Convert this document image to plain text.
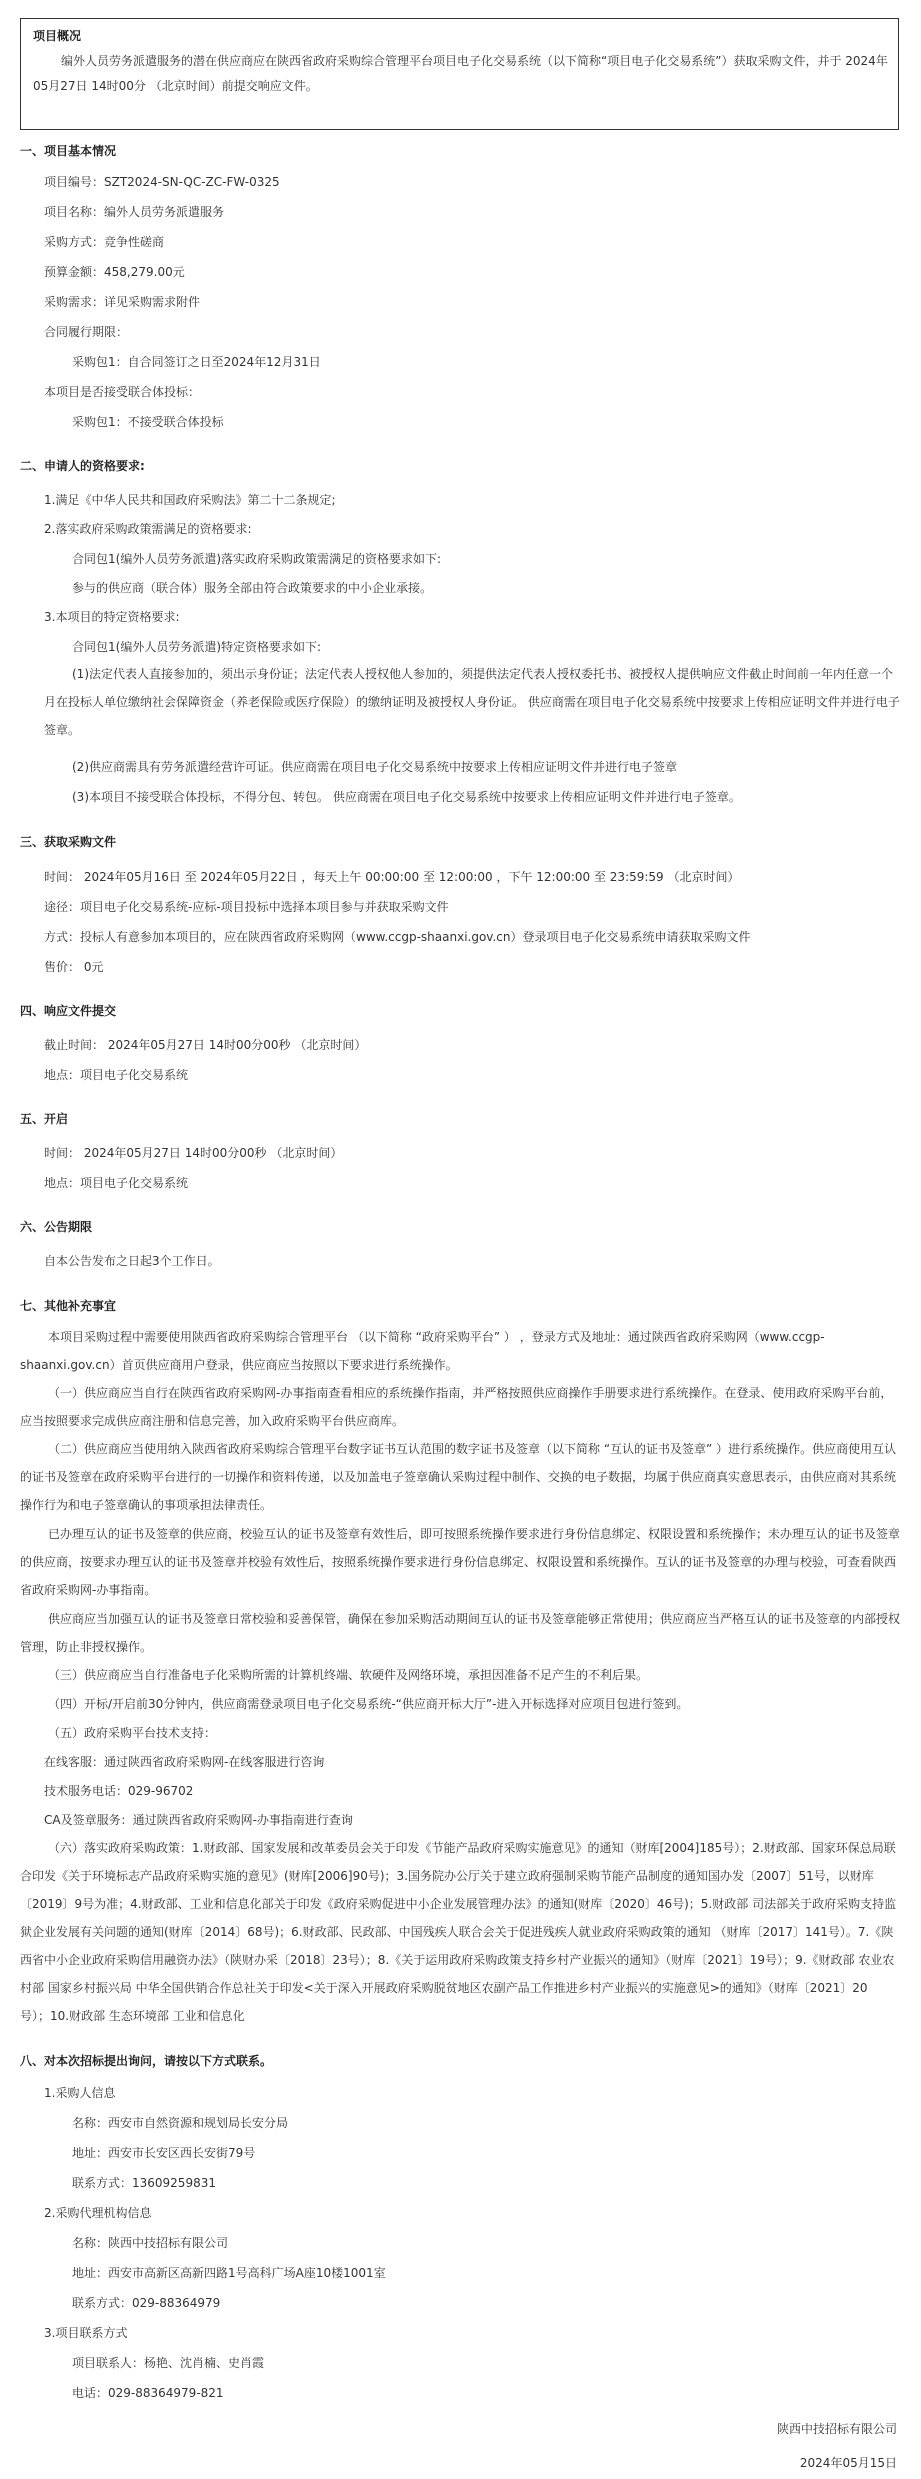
项目概况
编外人员劳务派遣服务的潜在供应商应在陕西省政府采购综合管理平台项目电子化交易系统（以下简称“项目电子化交易系统”）获取采购文件，并于 2024年05月27日 14时00分 （北京时间）前提交响应文件。
一、项目基本情况
项目编号：SZT2024-SN-QC-ZC-FW-0325
项目名称：编外人员劳务派遣服务
采购方式：竞争性磋商
预算金额：458,279.00元
采购需求：详见采购需求附件
合同履行期限：
采购包1：自合同签订之日至2024年12月31日
本项目是否接受联合体投标：
采购包1：不接受联合体投标
二、申请人的资格要求:
1.满足《中华人民共和国政府采购法》第二十二条规定;
2.落实政府采购政策需满足的资格要求:
合同包1(编外人员劳务派遣)落实政府采购政策需满足的资格要求如下:
参与的供应商（联合体）服务全部由符合政策要求的中小企业承接。
3.本项目的特定资格要求:
合同包1(编外人员劳务派遣)特定资格要求如下:
(1)法定代表人直接参加的，须出示身份证；法定代表人授权他人参加的，须提供法定代表人授权委托书、被授权人提供响应文件截止时间前一年内任意一个月在投标人单位缴纳社会保障资金（养老保险或医疗保险）的缴纳证明及被授权人身份证。 供应商需在项目电子化交易系统中按要求上传相应证明文件并进行电子签章。
(2)供应商需具有劳务派遣经营许可证。供应商需在项目电子化交易系统中按要求上传相应证明文件并进行电子签章
(3)本项目不接受联合体投标，不得分包、转包。 供应商需在项目电子化交易系统中按要求上传相应证明文件并进行电子签章。
三、获取采购文件
时间： 2024年05月16日 至 2024年05月22日 ，每天上午 00:00:00 至 12:00:00 ，下午 12:00:00 至 23:59:59 （北京时间）
途径：项目电子化交易系统-应标-项目投标中选择本项目参与并获取采购文件
方式：投标人有意参加本项目的，应在陕西省政府采购网（www.ccgp-shaanxi.gov.cn）登录项目电子化交易系统申请获取采购文件
售价： 0元
四、响应文件提交
截止时间： 2024年05月27日 14时00分00秒 （北京时间）
地点：项目电子化交易系统
五、开启
时间： 2024年05月27日 14时00分00秒 （北京时间）
地点：项目电子化交易系统
六、公告期限
自本公告发布之日起3个工作日。
七、其他补充事宜
本项目采购过程中需要使用陕西省政府采购综合管理平台 （以下简称 “政府采购平台” ） ，登录方式及地址：通过陕西省政府采购网（www.ccgp-shaanxi.gov.cn）首页供应商用户登录，供应商应当按照以下要求进行系统操作。
（一）供应商应当自行在陕西省政府采购网-办事指南查看相应的系统操作指南，并严格按照供应商操作手册要求进行系统操作。在登录、使用政府采购平台前，应当按照要求完成供应商注册和信息完善，加入政府采购平台供应商库。
（二）供应商应当使用纳入陕西省政府采购综合管理平台数字证书互认范围的数字证书及签章（以下简称 “互认的证书及签章” ）进行系统操作。供应商使用互认的证书及签章在政府采购平台进行的一切操作和资料传递，以及加盖电子签章确认采购过程中制作、交换的电子数据，均属于供应商真实意思表示，由供应商对其系统操作行为和电子签章确认的事项承担法律责任。
已办理互认的证书及签章的供应商，校验互认的证书及签章有效性后，即可按照系统操作要求进行身份信息绑定、权限设置和系统操作；未办理互认的证书及签章的供应商，按要求办理互认的证书及签章并校验有效性后，按照系统操作要求进行身份信息绑定、权限设置和系统操作。互认的证书及签章的办理与校验，可查看陕西省政府采购网-办事指南。
供应商应当加强互认的证书及签章日常校验和妥善保管，确保在参加采购活动期间互认的证书及签章能够正常使用；供应商应当严格互认的证书及签章的内部授权管理，防止非授权操作。
（三）供应商应当自行准备电子化采购所需的计算机终端、软硬件及网络环境，承担因准备不足产生的不利后果。
（四）开标/开启前30分钟内，供应商需登录项目电子化交易系统-“供应商开标大厅”-进入开标选择对应项目包进行签到。
（五）政府采购平台技术支持：
在线客服：通过陕西省政府采购网-在线客服进行咨询
技术服务电话：029-96702
CA及签章服务：通过陕西省政府采购网-办事指南进行查询
（六）落实政府采购政策：1.财政部、国家发展和改革委员会关于印发《节能产品政府采购实施意见》的通知（财库[2004]185号）；2.财政部、国家环保总局联合印发《关于环境标志产品政府采购实施的意见》(财库[2006]90号)；3.国务院办公厅关于建立政府强制采购节能产品制度的通知国办发〔2007〕51号，以财库〔2019〕9号为准；4.财政部、工业和信息化部关于印发《政府采购促进中小企业发展管理办法》的通知(财库〔2020〕46号)；5.财政部 司法部关于政府采购支持监狱企业发展有关问题的通知(财库〔2014〕68号)；6.财政部、民政部、中国残疾人联合会关于促进残疾人就业政府采购政策的通知 （财库〔2017〕141号）。7.《陕西省中小企业政府采购信用融资办法》（陕财办采〔2018〕23号）；8.《关于运用政府采购政策支持乡村产业振兴的通知》（财库〔2021〕19号）；9.《财政部 农业农村部 国家乡村振兴局 中华全国供销合作总社关于印发<关于深入开展政府采购脱贫地区农副产品工作推进乡村产业振兴的实施意见>的通知》（财库〔2021〕20 号）；10.财政部 生态环境部 工业和信息化
八、对本次招标提出询问，请按以下方式联系。
1.采购人信息
名称：西安市自然资源和规划局长安分局
地址：西安市长安区西长安街79号
联系方式：13609259831
2.采购代理机构信息
名称：陕西中技招标有限公司
地址：西安市高新区高新四路1号高科广场A座10楼1001室
联系方式：029-88364979
3.项目联系方式
项目联系人：杨艳、沈肖楠、史肖霞
电话：029-88364979-821
陕西中技招标有限公司
2024年05月15日
